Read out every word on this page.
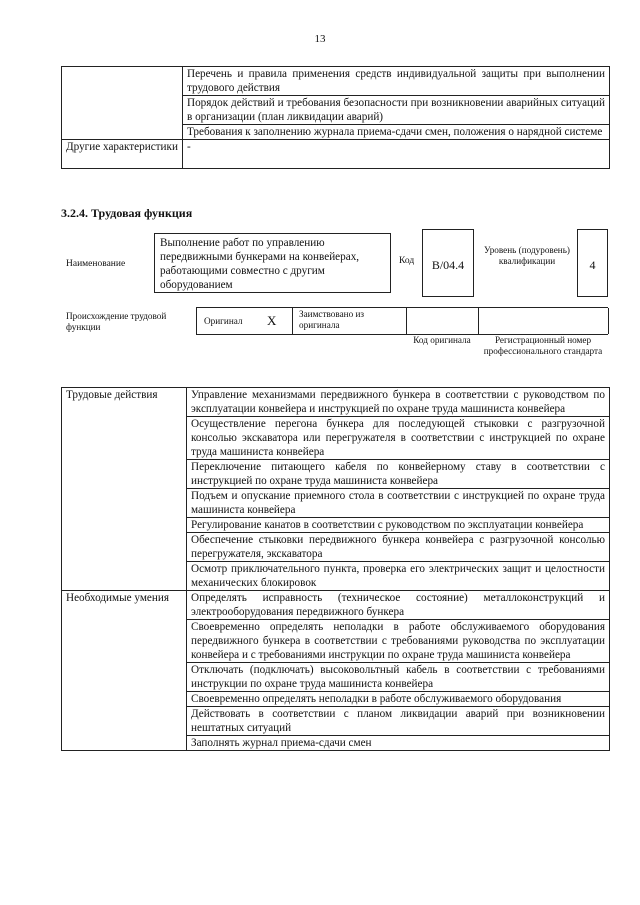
13
	Перечень и правила применения средств индивидуальной защиты при выполнении трудового действия
	Порядок действий и требования безопасности при возникновении аварийных ситуаций в организации (план ликвидации аварий)
	Требования к заполнению журнала приема-сдачи смен, положения о нарядной системе
Другие характеристики	-
3.2.4. Трудовая функция
Наименование
Выполнение работ по управлению передвижными бункерами на конвейерах, работающими совместно с другим оборудованием
Код	В/04.4
Уровень (подуровень) квалификации	4
Происхождение трудовой функции
Оригинал X Заимствовано из оригинала
Код оригинала	Регистрационный номер профессионального стандарта
Трудовые действия	Управление механизмами передвижного бункера в соответствии с руководством по эксплуатации конвейера и инструкцией по охране труда машиниста конвейера
	Осуществление перегона бункера для последующей стыковки с разгрузочной консолью экскаватора или перегружателя в соответствии с инструкцией по охране труда машиниста конвейера
	Переключение питающего кабеля по конвейерному ставу в соответствии с инструкцией по охране труда машиниста конвейера
	Подъем и опускание приемного стола в соответствии с инструкцией по охране труда машиниста конвейера
	Регулирование канатов в соответствии с руководством по эксплуатации конвейера
	Обеспечение стыковки передвижного бункера конвейера с разгрузочной консолью перегружателя, экскаватора
	Осмотр приключательного пункта, проверка его электрических защит и целостности механических блокировок
Необходимые умения	Определять исправность (техническое состояние) металлоконструкций и электрооборудования передвижного бункера
	Своевременно определять неполадки в работе обслуживаемого оборудования передвижного бункера в соответствии с требованиями руководства по эксплуатации конвейера и с требованиями инструкции по охране труда машиниста конвейера
	Отключать (подключать) высоковольтный кабель в соответствии с требованиями инструкции по охране труда машиниста конвейера
	Своевременно определять неполадки в работе обслуживаемого оборудования
	Действовать в соответствии с планом ликвидации аварий при возникновении нештатных ситуаций
	Заполнять журнал приема-сдачи смен
